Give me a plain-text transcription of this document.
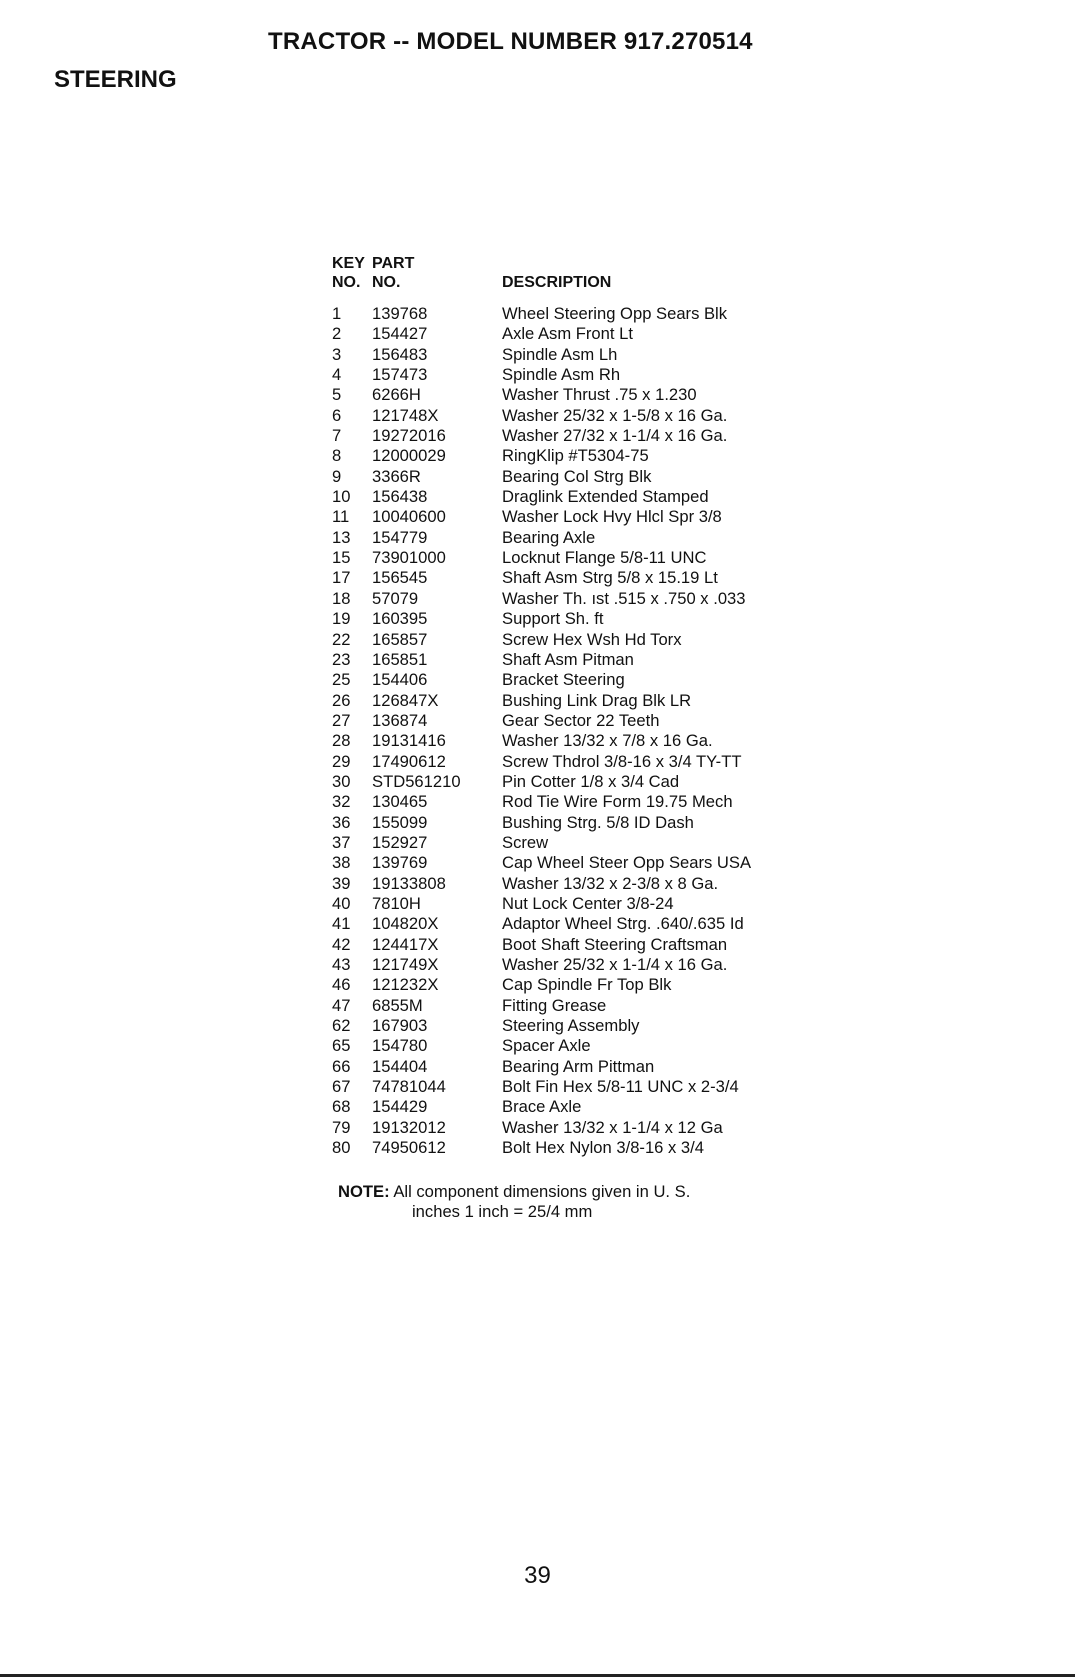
TRACTOR -- MODEL NUMBER 917.270514
STEERING
KEY PART
NO. NO.	DESCRIPTION
1	139768	Wheel Steering Opp Sears Blk
2	154427	Axle Asm Front Lt
3	156483	Spindle Asm Lh
4	157473	Spindle Asm Rh
5	6266H	Washer Thrust .75 x 1.230
6	121748X	Washer 25/32 x 1-5/8 x 16 Ga.
7	19272016	Washer 27/32 x 1-1/4 x 16 Ga.
8	12000029	RingKlip #T5304-75
9	3366R	Bearing Col Strg Blk
10	156438	Draglink Extended Stamped
11	10040600	Washer Lock Hvy Hlcl Spr 3/8
13	154779	Bearing Axle
15	73901000	Locknut Flange 5/8-11 UNC
17	156545	Shaft Asm Strg 5/8 x 15.19 Lt
18	57079	Washer Th. ıst .515 x .750 x .033
19	160395	Support Sh. ft
22	165857	Screw Hex Wsh Hd Torx
23	165851	Shaft Asm Pitman
25	154406	Bracket Steering
26	126847X	Bushing Link Drag Blk LR
27	136874	Gear Sector 22 Teeth
28	19131416	Washer 13/32 x 7/8 x 16 Ga.
29	17490612	Screw Thdrol 3/8-16 x 3/4 TY-TT
30	STD561210	Pin Cotter 1/8 x 3/4 Cad
32	130465	Rod Tie Wire Form 19.75 Mech
36	155099	Bushing Strg. 5/8 ID Dash
37	152927	Screw
38	139769	Cap Wheel Steer Opp Sears USA
39	19133808	Washer 13/32 x 2-3/8 x 8 Ga.
40	7810H	Nut Lock Center 3/8-24
41	104820X	Adaptor Wheel Strg. .640/.635 Id
42	124417X	Boot Shaft Steering Craftsman
43	121749X	Washer 25/32 x 1-1/4 x 16 Ga.
46	121232X	Cap Spindle Fr Top Blk
47	6855M	Fitting Grease
62	167903	Steering Assembly
65	154780	Spacer Axle
66	154404	Bearing Arm Pittman
67	74781044	Bolt Fin Hex 5/8-11 UNC x 2-3/4
68	154429	Brace Axle
79	19132012	Washer 13/32 x 1-1/4 x 12 Ga
80	74950612	Bolt Hex Nylon 3/8-16 x 3/4
NOTE: All component dimensions given in U. S.
inches 1 inch = 25/4 mm
39
